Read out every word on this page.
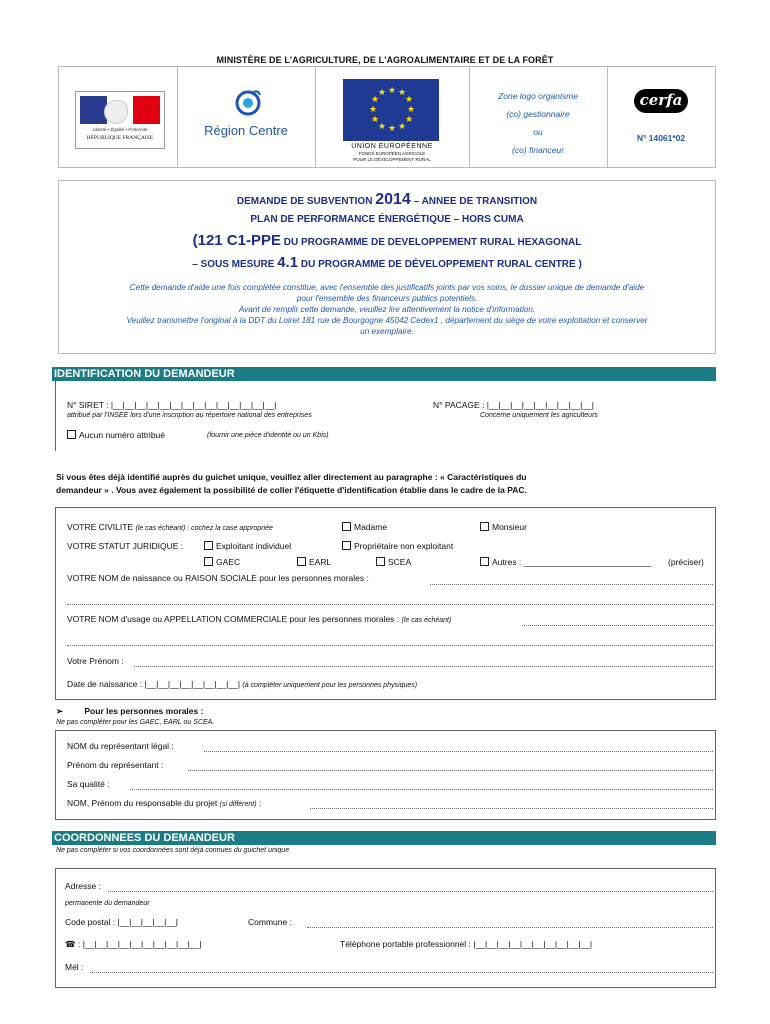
MINISTÈRE DE L'AGRICULTURE, DE L'AGROALIMENTAIRE ET DE LA FORÊT
Liberté • Égalité • Fraternité
RÉPUBLIQUE FRANÇAISE	Région Centre
★ ★
★
★
★
★
★
★
★
★
★
★
UNION EUROPÉENNE
FONDS EUROPÉEN AGRICOLE
POUR LE DÉVELOPPEMENT RURAL
Zone logo organisme
(co) gestionnaire
ou
(co) financeur
cerfa
N° 14061*02
DEMANDE DE SUBVENTION 2014 – ANNEE DE TRANSITION
PLAN DE PERFORMANCE ÉNERGÉTIQUE – HORS CUMA
(121 C1-PPE DU PROGRAMME DE DEVELOPPEMENT RURAL HEXAGONAL
– SOUS MESURE 4.1 DU PROGRAMME DE DÉVELOPPEMENT RURAL CENTRE )
Cette demande d'aide une fois complétée constitue, avec l'ensemble des justificatifs joints par vos soins, le dossier unique de demande d'aide
pour l'ensemble des financeurs publics potentiels.
Avant de remplir cette demande, veuillez lire attentivement la notice d'information.
Veuillez transmettre l'original à la DDT du Loiret 181 rue de Bourgogne 45042 Cedex1 , département du siège de votre exploitation et conserver
un exemplaire.
IDENTIFICATION DU DEMANDEUR
N° SIRET : |__|__|__|__|__|__|__|__|__|__|__|__|__|__|
attribué par l'INSEE lors d'une inscription au répertoire national des entreprises
N° PACAGE : |__|__|__|__|__|__|__|__|__|
Concerne uniquement les agriculteurs
Aucun numéro attribué	(fournir une pièce d'identité ou un Kbis)
Si vous êtes déjà identifié auprès du guichet unique, veuillez aller directement au paragraphe : « Caractéristiques du
demandeur » . Vous avez également la possibilité de coller l'étiquette d'identification établie dans le cadre de la PAC.
VOTRE CIVILITE (le cas échéant) : cochez la case appropriée	Madame	Monsieur
VOTRE STATUT JURIDIQUE :	Exploitant individuel	Propriétaire non exploitant
GAEC	EARL	SCEA	Autres : ___________________________ (préciser)
VOTRE NOM de naissance ou RAISON SOCIALE pour les personnes morales :
VOTRE NOM d'usage ou APPELLATION COMMERCIALE pour les personnes morales : (le cas échéant)
Votre Prénom :
Date de naissance : |__|__|__|__|__|__|__|__| (à compléter uniquement pour les personnes physiques)
➢	Pour les personnes morales :
Ne pas compléter pour les GAEC, EARL ou SCEA.
NOM du représentant légal :
Prénom du représentant :
Sa qualité :
NOM, Prénom du responsable du projet (si différent) :
COORDONNEES DU DEMANDEUR
Ne pas compléter si vos coordonnées sont déjà connues du guichet unique
Adresse :
permanente du demandeur
Code postal : |__|__|__|__|__|	Commune :
☎ : |__|__|__|__|__|__|__|__|__|__|	Téléphone portable professionnel : |__|__|__|__|__|__|__|__|__|__|
Mél :
